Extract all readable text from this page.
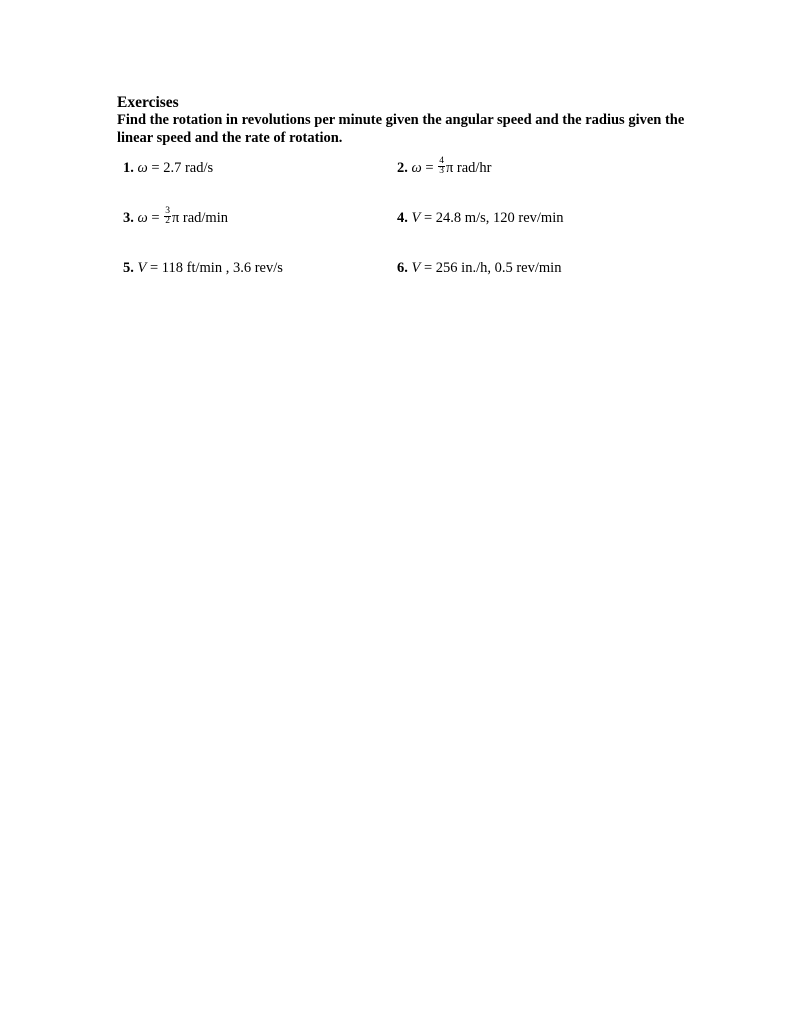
Exercises
Find the rotation in revolutions per minute given the angular speed and the radius given the linear speed and the rate of rotation.
1. ω = 2.7 rad/s	2. $\omega = \frac{4}{3}$ π rad/hr
3. $\omega = \frac{3}{2}$ π rad/min	4. V = 24.8 m/s, 120 rev/min
5. V = 118 ft/min , 3.6 rev/s	6. V = 256 in./h, 0.5 rev/min
